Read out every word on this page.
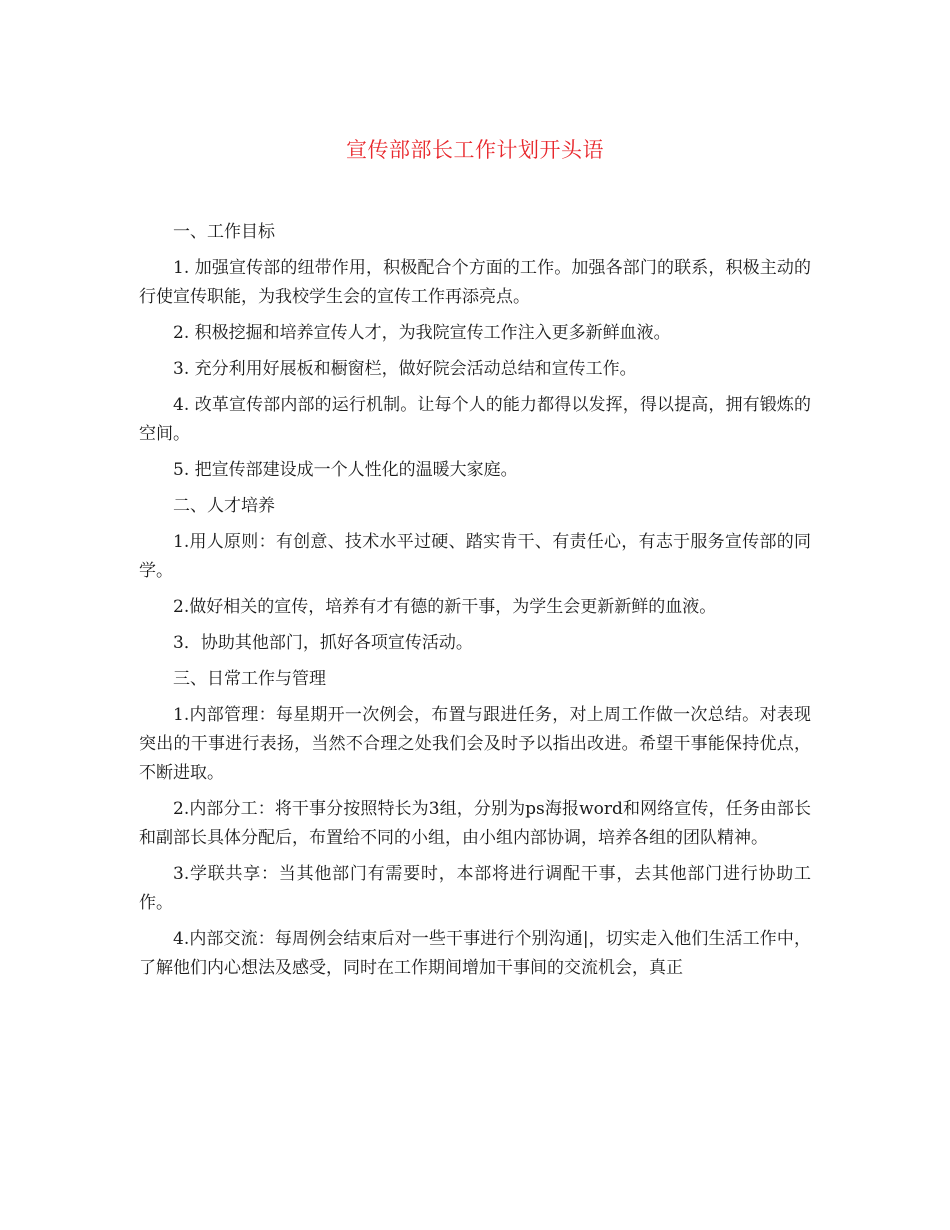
宣传部部长工作计划开头语

一、工作目标

1. 加强宣传部的纽带作用，积极配合个方面的工作。加强各部门的联系，积极主动的行使宣传职能，为我校学生会的宣传工作再添亮点。

2. 积极挖掘和培养宣传人才，为我院宣传工作注入更多新鲜血液。

3. 充分利用好展板和橱窗栏，做好院会活动总结和宣传工作。

4. 改革宣传部内部的运行机制。让每个人的能力都得以发挥，得以提高，拥有锻炼的空间。

5. 把宣传部建设成一个人性化的温暖大家庭。

二、人才培养

1.用人原则：有创意、技术水平过硬、踏实肯干、有责任心，有志于服务宣传部的同学。

2.做好相关的宣传，培养有才有德的新干事，为学生会更新新鲜的血液。

3．协助其他部门，抓好各项宣传活动。

三、日常工作与管理

1.内部管理：每星期开一次例会，布置与跟进任务，对上周工作做一次总结。对表现突出的干事进行表扬，当然不合理之处我们会及时予以指出改进。希望干事能保持优点，不断进取。

2.内部分工：将干事分按照特长为3组，分别为ps海报word和网络宣传，任务由部长和副部长具体分配后，布置给不同的小组，由小组内部协调，培养各组的团队精神。

3.学联共享：当其他部门有需要时，本部将进行调配干事，去其他部门进行协助工作。

4.内部交流：每周例会结束后对一些干事进行个别沟通|，切实走入他们生活工作中，了解他们内心想法及感受，同时在工作期间增加干事间的交流机会，真正
